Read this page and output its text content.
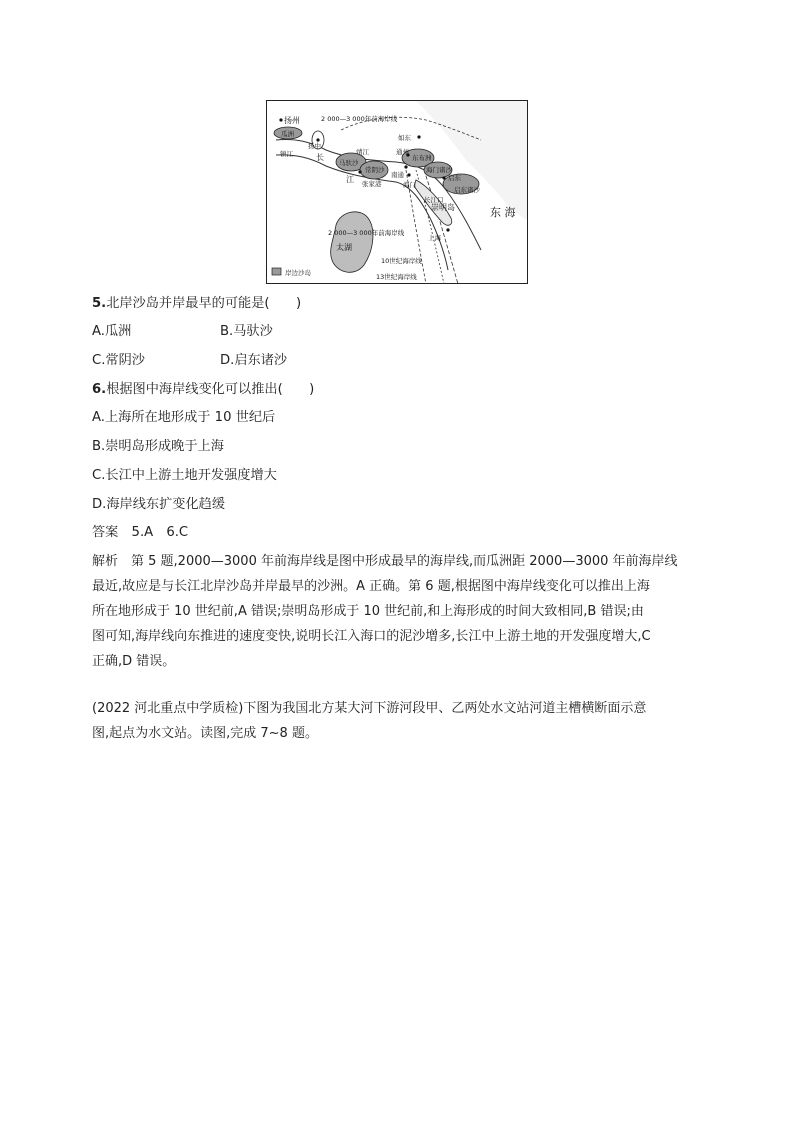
扬州
瓜洲
镇江
扬中
长
江
马驮沙
靖江
常阴沙
张家港
南通
海门
如东
通州
东布洲
海门诸沙
启东
启东诸沙
崇明岛
长江口
东 海
太湖
上海
2 000—3 000年前海岸线
2 000—3 000年前海岸线
10世纪海岸线
13世纪海岸线
岸边沙岛
5.北岸沙岛并岸最早的可能是(　　)
A.瓜洲	B.马驮沙
C.常阴沙	D.启东诸沙
6.根据图中海岸线变化可以推出(　　)
A.上海所在地形成于 10 世纪后
B.崇明岛形成晚于上海
C.长江中上游土地开发强度增大
D.海岸线东扩变化趋缓
答案　5.A　6.C

解析　第 5 题,2000—3000 年前海岸线是图中形成最早的海岸线,而瓜洲距 2000—3000 年前海岸线

最近,故应是与长江北岸沙岛并岸最早的沙洲。A 正确。第 6 题,根据图中海岸线变化可以推出上海

所在地形成于 10 世纪前,A 错误;崇明岛形成于 10 世纪前,和上海形成的时间大致相同,B 错误;由

图可知,海岸线向东推进的速度变快,说明长江入海口的泥沙增多,长江中上游土地的开发强度增大,C

正确,D 错误。

(2022 河北重点中学质检)下图为我国北方某大河下游河段甲、乙两处水文站河道主槽横断面示意

图,起点为水文站。读图,完成 7~8 题。
